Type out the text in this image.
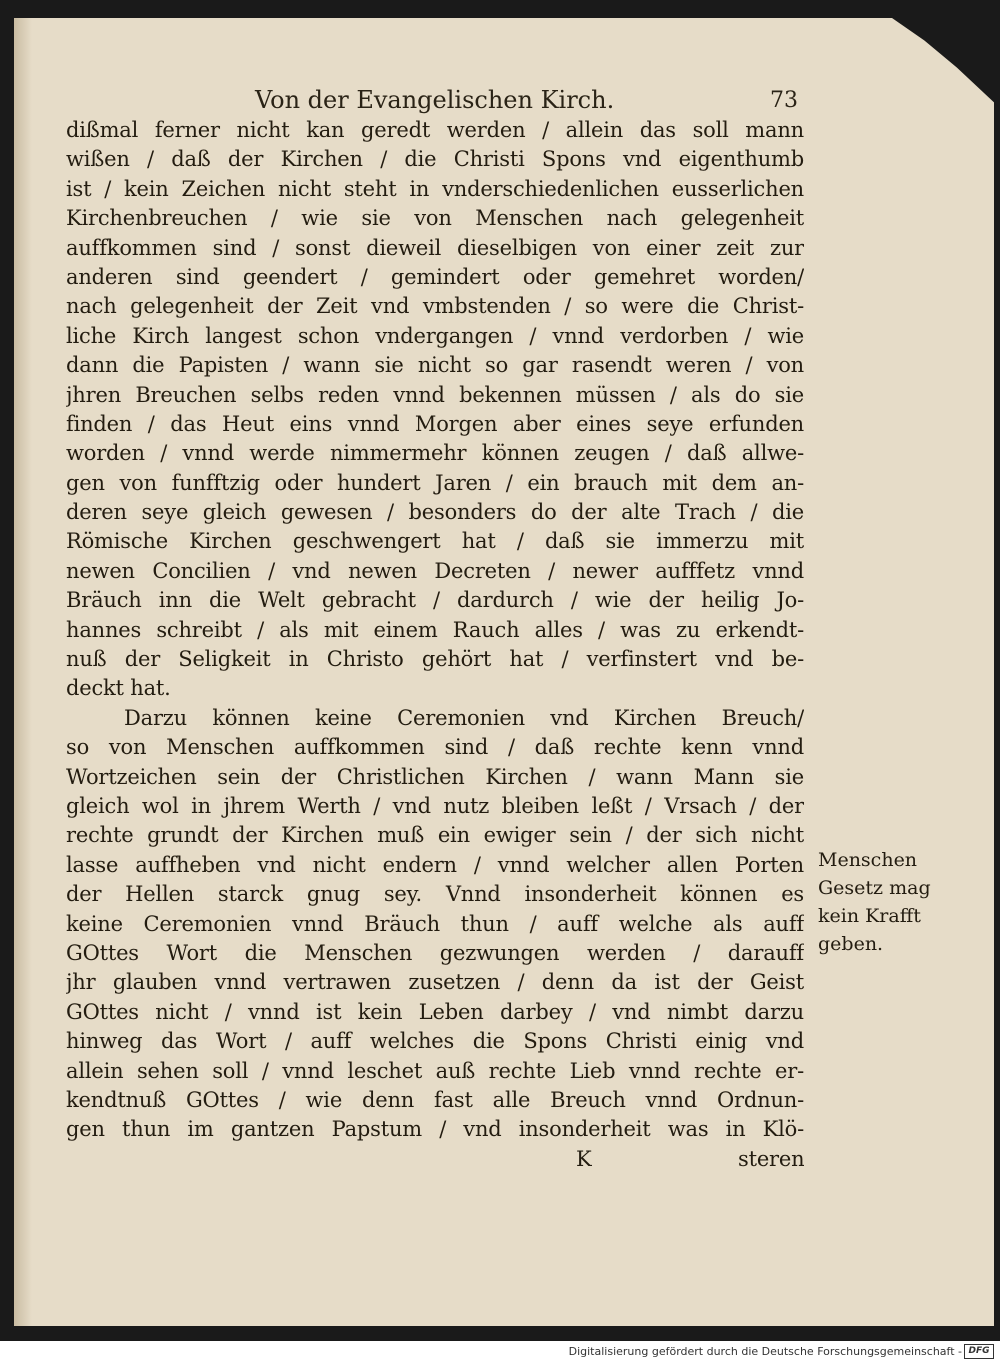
Von der Evangelischen Kirch.	73
dißmal ferner nicht kan geredt werden / allein das soll mann
wißen / daß der Kirchen / die Christi Spons vnd eigenthumb
ist / kein Zeichen nicht steht in vnderschiedenlichen eusserlichen
Kirchenbreuchen / wie sie von Menschen nach gelegenheit
auffkommen sind / sonst dieweil dieselbigen von einer zeit zur
anderen sind geendert / gemindert oder gemehret worden/
nach gelegenheit der Zeit vnd vmbstenden / so were die Christ-
liche Kirch langest schon vndergangen / vnnd verdorben / wie
dann die Papisten / wann sie nicht so gar rasendt weren / von
jhren Breuchen selbs reden vnnd bekennen müssen / als do sie
finden / das Heut eins vnnd Morgen aber eines seye erfunden
worden / vnnd werde nimmermehr können zeugen / daß allwe-
gen von funfftzig oder hundert Jaren / ein brauch mit dem an-
deren seye gleich gewesen / besonders do der alte Trach / die
Römische Kirchen geschwengert hat / daß sie immerzu mit
newen Concilien / vnd newen Decreten / newer aufffetz vnnd
Bräuch inn die Welt gebracht / dardurch / wie der heilig Jo-
hannes schreibt / als mit einem Rauch alles / was zu erkendt-
nuß der Seligkeit in Christo gehört hat / verfinstert vnd be-
deckt hat.
Darzu können keine Ceremonien vnd Kirchen Breuch/
so von Menschen auffkommen sind / daß rechte kenn vnnd
Wortzeichen sein der Christlichen Kirchen / wann Mann sie
gleich wol in jhrem Werth / vnd nutz bleiben leßt / Vrsach / der
rechte grundt der Kirchen muß ein ewiger sein / der sich nicht
lasse auffheben vnd nicht endern / vnnd welcher allen Porten
der Hellen starck gnug sey. Vnnd insonderheit können es
keine Ceremonien vnnd Bräuch thun / auff welche als auff
GOttes Wort die Menschen gezwungen werden / darauff
jhr glauben vnnd vertrawen zusetzen / denn da ist der Geist
GOttes nicht / vnnd ist kein Leben darbey / vnd nimbt darzu
hinweg das Wort / auff welches die Spons Christi einig vnd
allein sehen soll / vnnd leschet auß rechte Lieb vnnd rechte er-
kendtnuß GOttes / wie denn fast alle Breuch vnnd Ordnun-
gen thun im gantzen Papstum / vnd insonderheit was in Klö-
K	steren
Menschen
Gesetz mag
kein Krafft
geben.
Digitalisierung gefördert durch die Deutsche Forschungsgemeinschaft - DFG
